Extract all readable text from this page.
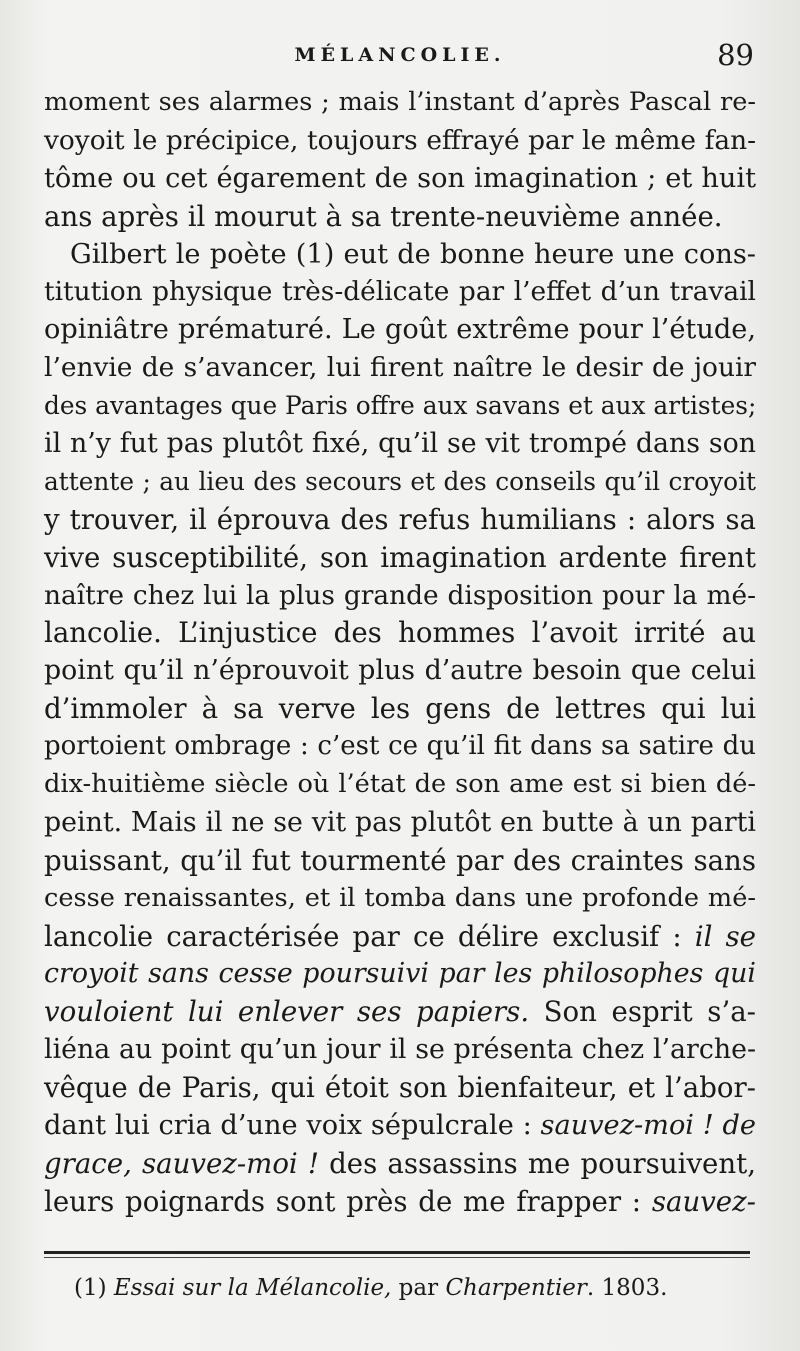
MÉLANCOLIE.	89
moment ses alarmes ; mais l’instant d’après Pascal re-
voyoit le précipice, toujours effrayé par le même fan-
tôme ou cet égarement de son imagination ; et huit
ans après il mourut à sa trente-neuvième année.
Gilbert le poète (1) eut de bonne heure une cons-
titution physique très-délicate par l’effet d’un travail
opiniâtre prématuré. Le goût extrême pour l’étude,
l’envie de s’avancer, lui firent naître le desir de jouir
des avantages que Paris offre aux savans et aux artistes;
il n’y fut pas plutôt fixé, qu’il se vit trompé dans son
attente ; au lieu des secours et des conseils qu’il croyoit
y trouver, il éprouva des refus humilians : alors sa
vive susceptibilité, son imagination ardente firent
naître chez lui la plus grande disposition pour la mé-
lancolie. L’injustice des hommes l’avoit irrité au
point qu’il n’éprouvoit plus d’autre besoin que celui
d’immoler à sa verve les gens de lettres qui lui
portoient ombrage : c’est ce qu’il fit dans sa satire du
dix-huitième siècle où l’état de son ame est si bien dé-
peint. Mais il ne se vit pas plutôt en butte à un parti
puissant, qu’il fut tourmenté par des craintes sans
cesse renaissantes, et il tomba dans une profonde mé-
lancolie caractérisée par ce délire exclusif : il se
croyoit sans cesse poursuivi par les philosophes qui
vouloient lui enlever ses papiers. Son esprit s’a-
liéna au point qu’un jour il se présenta chez l’arche-
vêque de Paris, qui étoit son bienfaiteur, et l’abor-
dant lui cria d’une voix sépulcrale : sauvez-moi ! de
grace, sauvez-moi ! des assassins me poursuivent,
leurs poignards sont près de me frapper : sauvez-
(1) Essai sur la Mélancolie, par Charpentier. 1803.
